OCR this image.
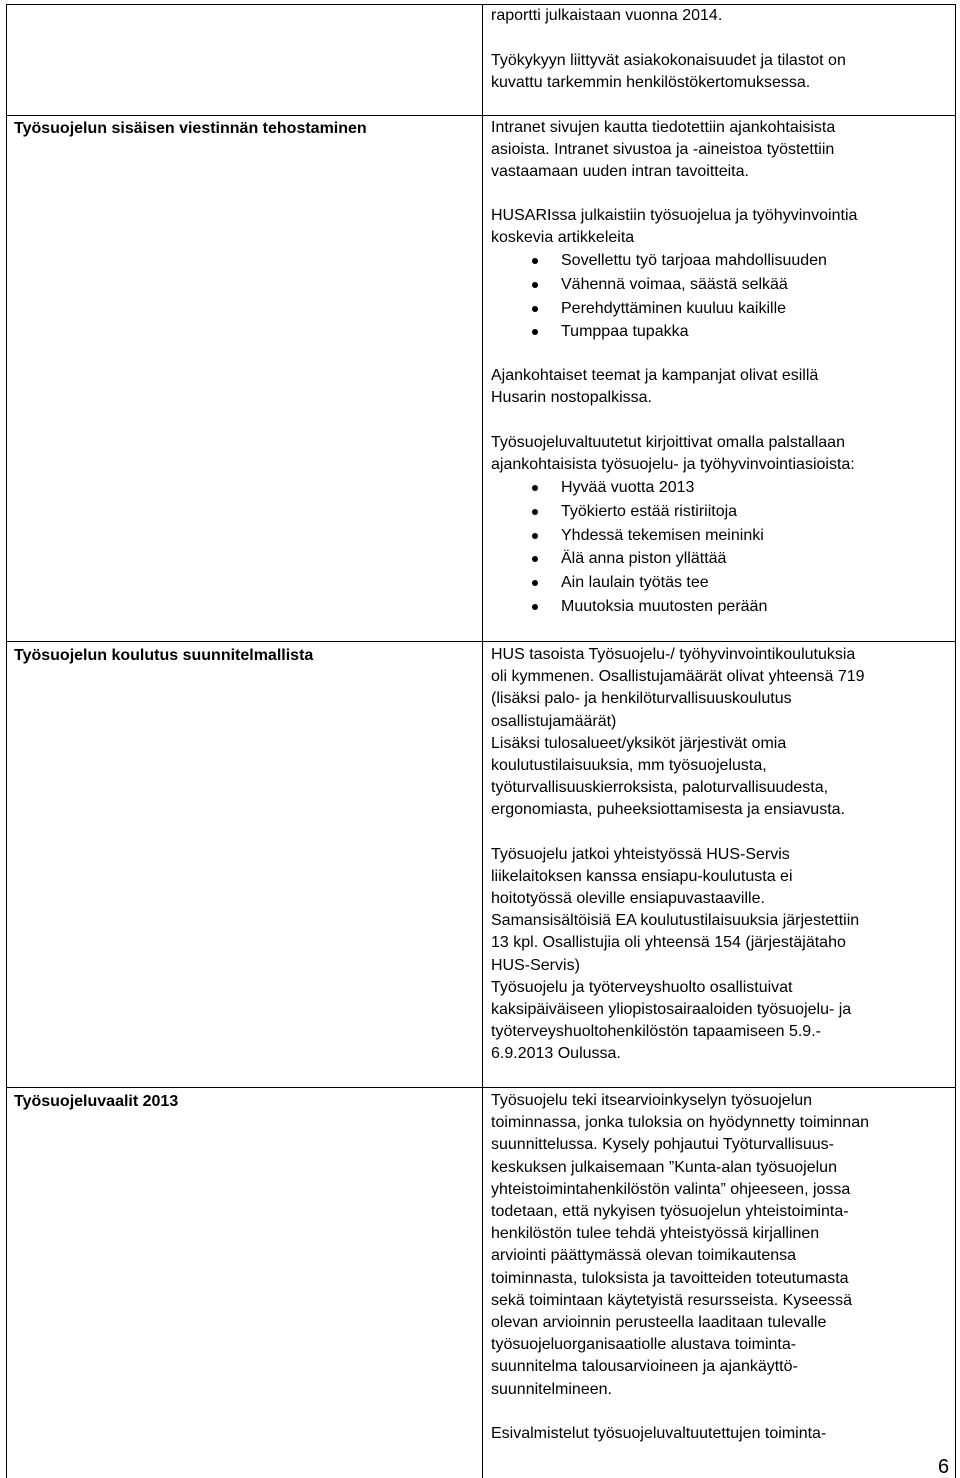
raportti julkaistaan vuonna 2014.
Työkykyyn liittyvät asiakokonaisuudet ja tilastot on
kuvattu tarkemmin henkilöstökertomuksessa.
Työsuojelun sisäisen viestinnän tehostaminen	Intranet sivujen kautta tiedotettiin ajankohtaisista
asioista. Intranet sivustoa ja -aineistoa työstettiin
vastaamaan uuden intran tavoitteita.
HUSARIssa julkaistiin työsuojelua ja työhyvinvointia
koskevia artikkeleita
Sovellettu työ tarjoaa mahdollisuuden
Vähennä voimaa, säästä selkää
Perehdyttäminen kuuluu kaikille
Tumppaa tupakka
Ajankohtaiset teemat ja kampanjat olivat esillä
Husarin nostopalkissa.
Työsuojeluvaltuutetut kirjoittivat omalla palstallaan
ajankohtaisista työsuojelu- ja työhyvinvointiasioista:
Hyvää vuotta 2013
Työkierto estää ristiriitoja
Yhdessä tekemisen meininki
Älä anna piston yllättää
Ain laulain työtäs tee
Muutoksia muutosten perään
Työsuojelun koulutus suunnitelmallista	HUS tasoista Työsuojelu-/ työhyvinvointikoulutuksia
oli kymmenen. Osallistujamäärät olivat yhteensä 719
(lisäksi palo- ja henkilöturvallisuuskoulutus
osallistujamäärät)
Lisäksi tulosalueet/yksiköt järjestivät omia
koulutustilaisuuksia, mm työsuojelusta,
työturvallisuuskierroksista, paloturvallisuudesta,
ergonomiasta, puheeksiottamisesta ja ensiavusta.
Työsuojelu jatkoi yhteistyössä HUS-Servis
liikelaitoksen kanssa ensiapu-koulutusta ei
hoitotyössä oleville ensiapuvastaaville.
Samansisältöisiä EA koulutustilaisuuksia järjestettiin
13 kpl. Osallistujia oli yhteensä 154 (järjestäjätaho
HUS-Servis)
Työsuojelu ja työterveyshuolto osallistuivat
kaksipäiväiseen yliopistosairaaloiden työsuojelu- ja
työterveyshuoltohenkilöstön tapaamiseen 5.9.-
6.9.2013 Oulussa.
Työsuojeluvaalit 2013	Työsuojelu teki itsearvioinkyselyn työsuojelun
toiminnassa, jonka tuloksia on hyödynnetty toiminnan
suunnittelussa. Kysely pohjautui Työturvallisuus-
keskuksen julkaisemaan ”Kunta-alan työsuojelun
yhteistoimintahenkilöstön valinta” ohjeeseen, jossa
todetaan, että nykyisen työsuojelun yhteistoiminta-
henkilöstön tulee tehdä yhteistyössä kirjallinen
arviointi päättymässä olevan toimikautensa
toiminnasta, tuloksista ja tavoitteiden toteutumasta
sekä toimintaan käytetyistä resursseista. Kyseessä
olevan arvioinnin perusteella laaditaan tulevalle
työsuojeluorganisaatiolle alustava toiminta-
suunnitelma talousarvioineen ja ajankäyttö-
suunnitelmineen.
Esivalmistelut työsuojeluvaltuutettujen toiminta-
6
